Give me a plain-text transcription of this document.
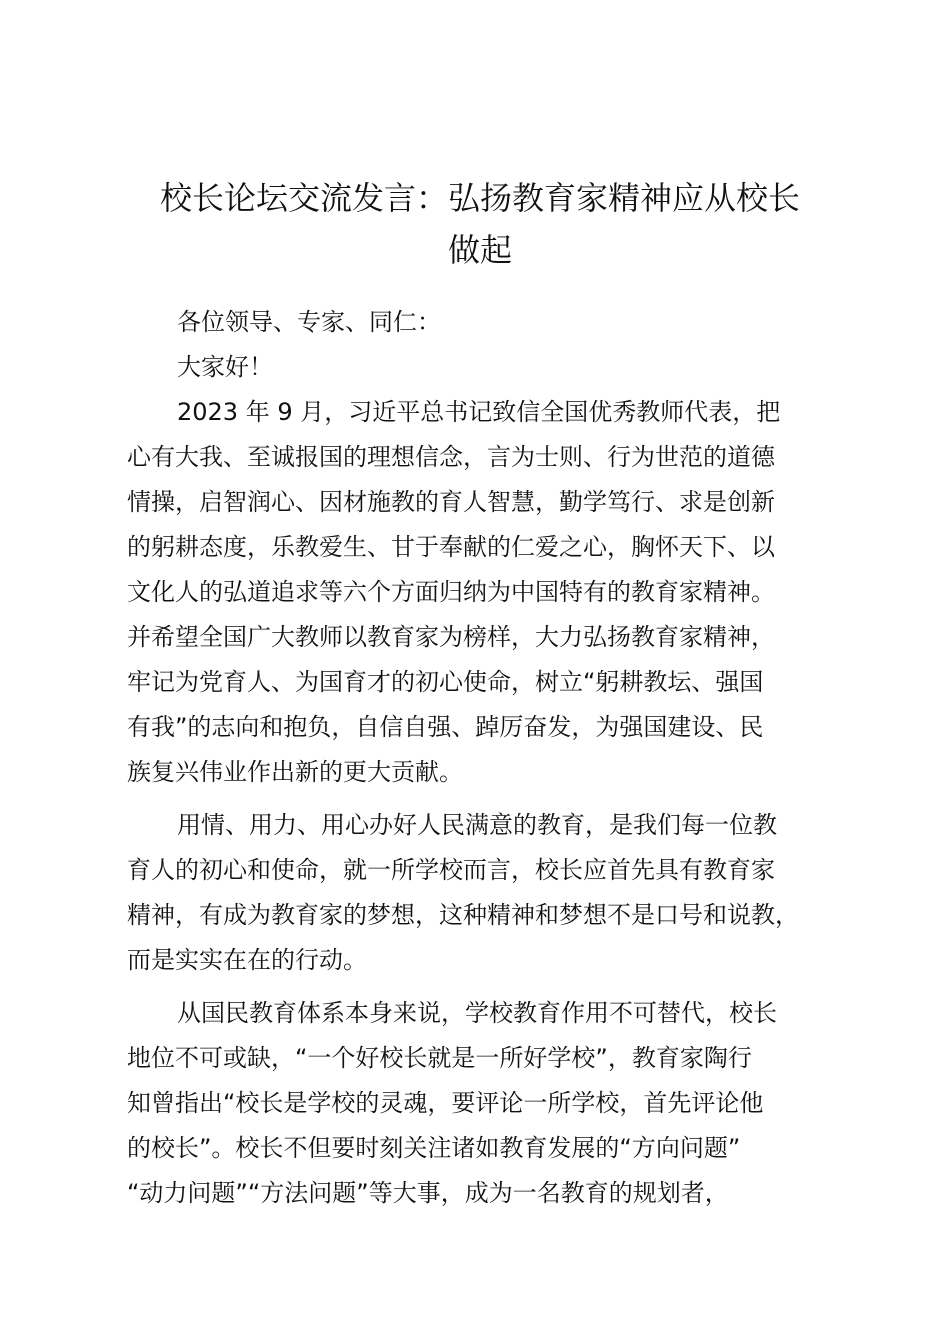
校长论坛交流发言：弘扬教育家精神应从校长
做起

各位领导、专家、同仁：

大家好！

2023 年 9 月，习近平总书记致信全国优秀教师代表，把
心有大我、至诚报国的理想信念，言为士则、行为世范的道德
情操，启智润心、因材施教的育人智慧，勤学笃行、求是创新
的躬耕态度，乐教爱生、甘于奉献的仁爱之心，胸怀天下、以
文化人的弘道追求等六个方面归纳为中国特有的教育家精神。
并希望全国广大教师以教育家为榜样，大力弘扬教育家精神，
牢记为党育人、为国育才的初心使命，树立“躬耕教坛、强国
有我”的志向和抱负，自信自强、踔厉奋发，为强国建设、民
族复兴伟业作出新的更大贡献。

用情、用力、用心办好人民满意的教育，是我们每一位教
育人的初心和使命，就一所学校而言，校长应首先具有教育家
精神，有成为教育家的梦想，这种精神和梦想不是口号和说教，
而是实实在在的行动。

从国民教育体系本身来说，学校教育作用不可替代，校长
地位不可或缺，“一个好校长就是一所好学校”，教育家陶行
知曾指出“校长是学校的灵魂，要评论一所学校，首先评论他
的校长”。校长不但要时刻关注诸如教育发展的“方向问题”
“动力问题”“方法问题”等大事，成为一名教育的规划者，
